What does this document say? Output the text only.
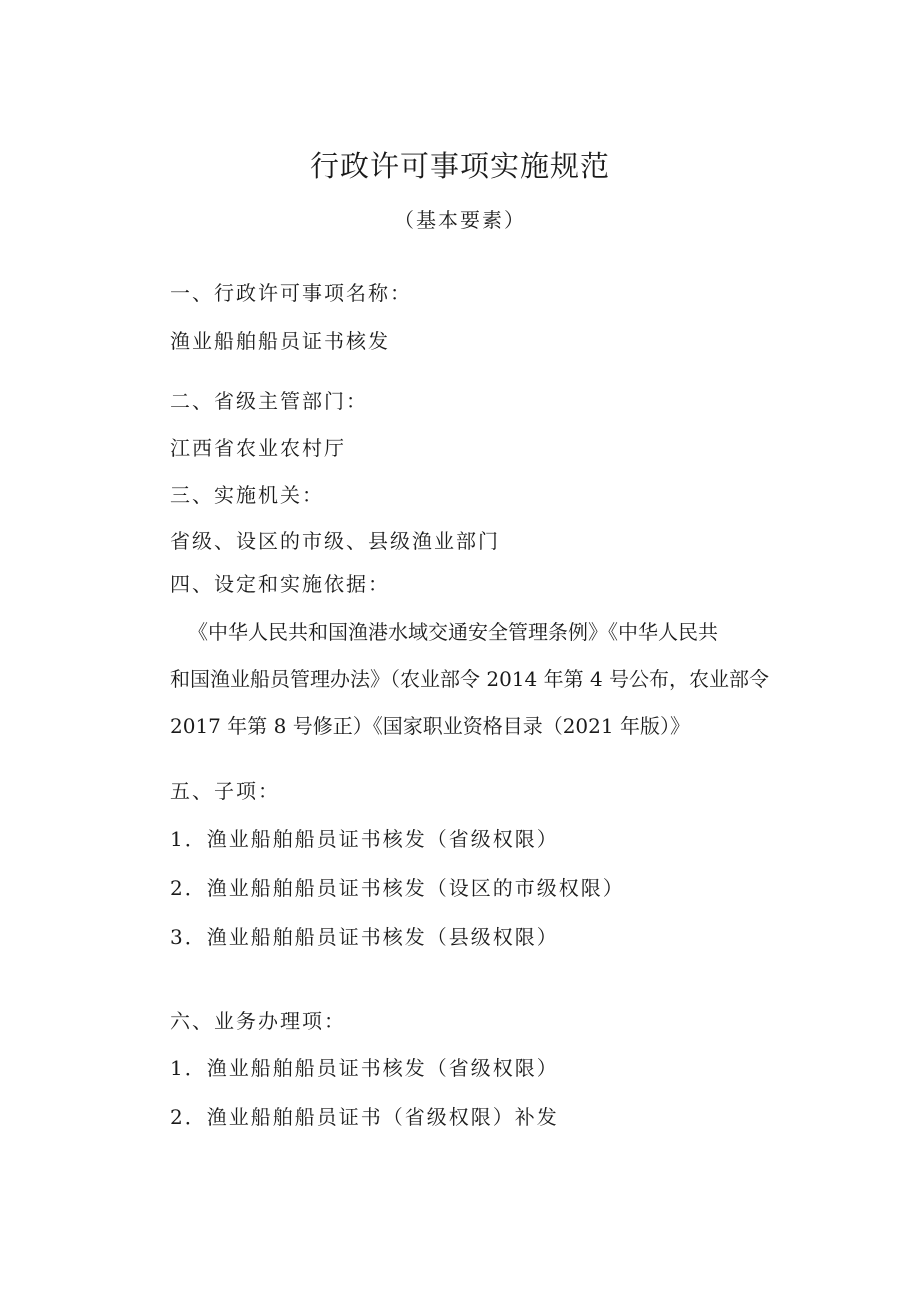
行政许可事项实施规范
（基本要素）
一、行政许可事项名称：
渔业船舶船员证书核发
二、省级主管部门：
江西省农业农村厅
三、实施机关：
省级、设区的市级、县级渔业部门
四、设定和实施依据：
《中华人民共和国渔港水域交通安全管理条例》《中华人民共
和国渔业船员管理办法》（农业部令 2014 年第 4 号公布，农业部令
2017 年第 8 号修正）《国家职业资格目录（2021 年版）》
五、子项：
1．渔业船舶船员证书核发（省级权限）
2．渔业船舶船员证书核发（设区的市级权限）
3．渔业船舶船员证书核发（县级权限）
六、业务办理项：
1．渔业船舶船员证书核发（省级权限）
2．渔业船舶船员证书（省级权限）补发
